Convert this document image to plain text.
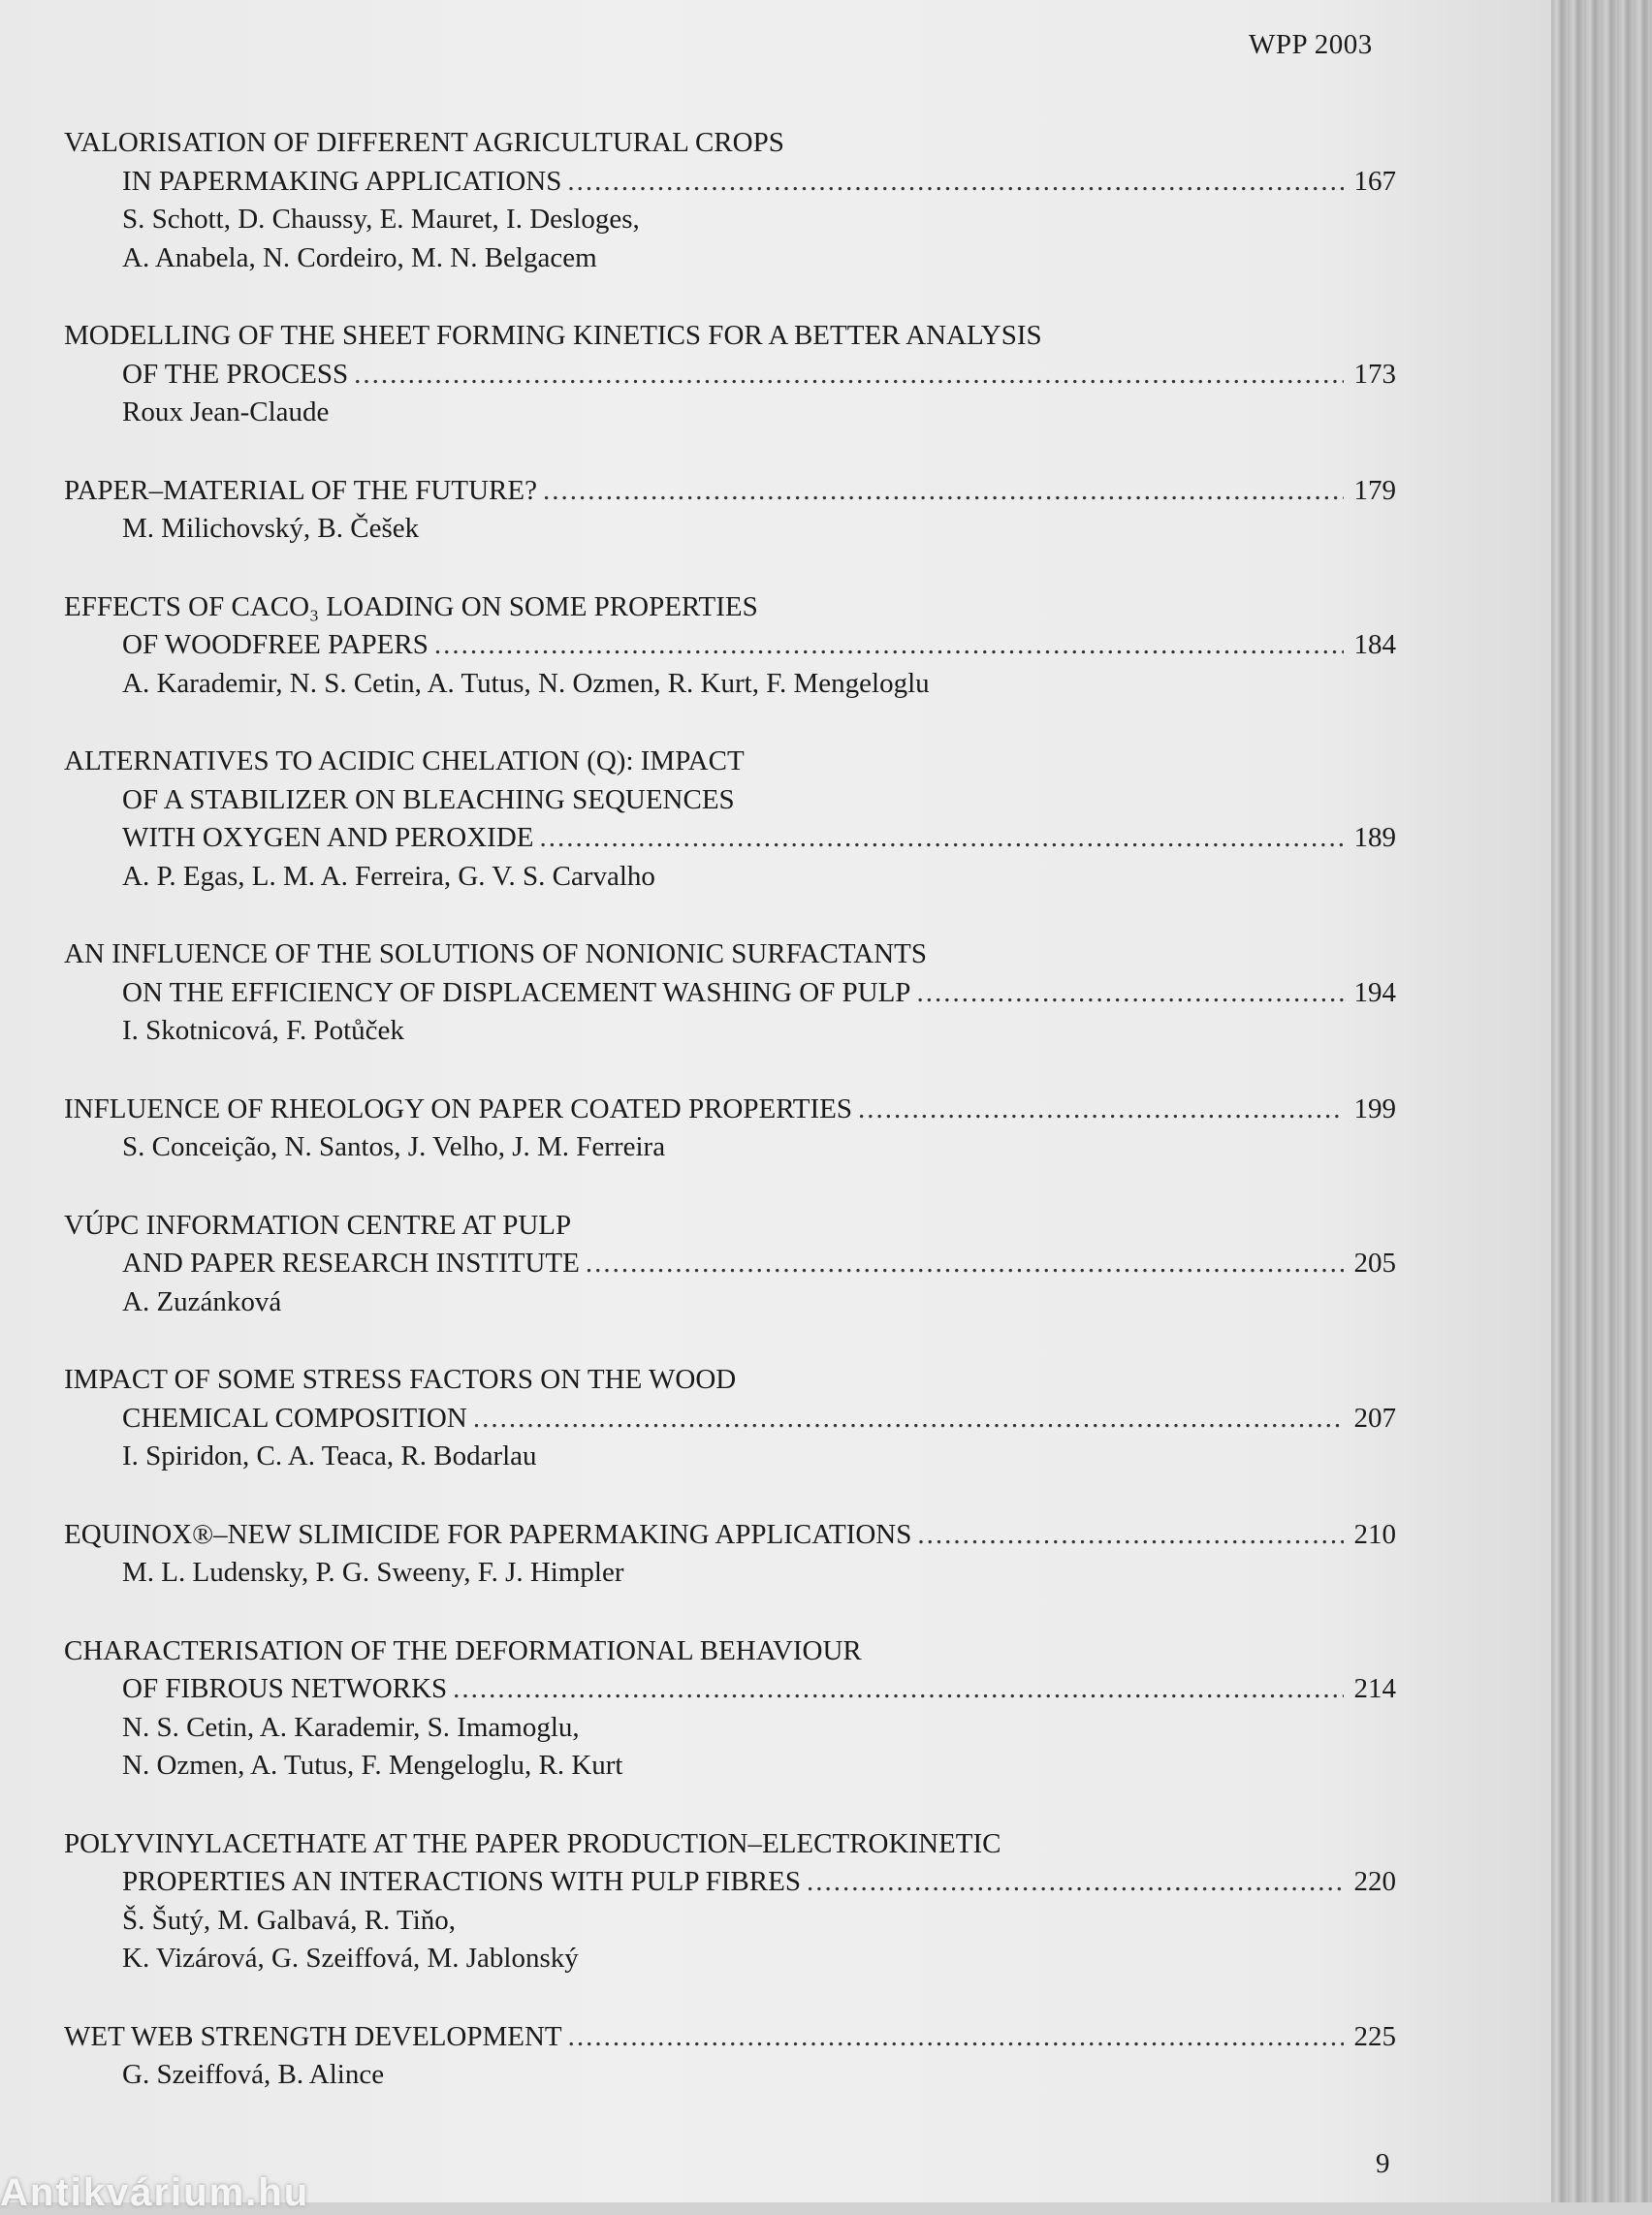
WPP 2003
VALORISATION OF DIFFERENT AGRICULTURAL CROPS
IN PAPERMAKING APPLICATIONS .....	167
S. Schott, D. Chaussy, E. Mauret, I. Desloges,
A. Anabela, N. Cordeiro, M. N. Belgacem
MODELLING OF THE SHEET FORMING KINETICS FOR A BETTER ANALYSIS
OF THE PROCESS .....	173
Roux Jean-Claude
PAPER–MATERIAL OF THE FUTURE? .....	179
M. Milichovský, B. Češek
EFFECTS OF CACO₃ LOADING ON SOME PROPERTIES
OF WOODFREE PAPERS .....	184
A. Karademir, N. S. Cetin, A. Tutus, N. Ozmen, R. Kurt, F. Mengeloglu
ALTERNATIVES TO ACIDIC CHELATION (Q): IMPACT
OF A STABILIZER ON BLEACHING SEQUENCES
WITH OXYGEN AND PEROXIDE .....	189
A. P. Egas, L. M. A. Ferreira, G. V. S. Carvalho
AN INFLUENCE OF THE SOLUTIONS OF NONIONIC SURFACTANTS
ON THE EFFICIENCY OF DISPLACEMENT WASHING OF PULP .....	194
I. Skotnicová, F. Potůček
INFLUENCE OF RHEOLOGY ON PAPER COATED PROPERTIES .....	199
S. Conceição, N. Santos, J. Velho, J. M. Ferreira
VÚPC INFORMATION CENTRE AT PULP
AND PAPER RESEARCH INSTITUTE .....	205
A. Zuzánková
IMPACT OF SOME STRESS FACTORS ON THE WOOD
CHEMICAL COMPOSITION .....	207
I. Spiridon, C. A. Teaca, R. Bodarlau
EQUINOX®–NEW SLIMICIDE FOR PAPERMAKING APPLICATIONS .....	210
M. L. Ludensky, P. G. Sweeny, F. J. Himpler
CHARACTERISATION OF THE DEFORMATIONAL BEHAVIOUR
OF FIBROUS NETWORKS .....	214
N. S. Cetin, A. Karademir, S. Imamoglu,
N. Ozmen, A. Tutus, F. Mengeloglu, R. Kurt
POLYVINYLACETHATE AT THE PAPER PRODUCTION–ELECTROKINETIC
PROPERTIES AN INTERACTIONS WITH PULP FIBRES .....	220
Š. Šutý, M. Galbavá, R. Tiňo,
K. Vizárová, G. Szeiffová, M. Jablonský
WET WEB STRENGTH DEVELOPMENT .....	225
G. Szeiffová, B. Alince
9
Antikvárium.hu
